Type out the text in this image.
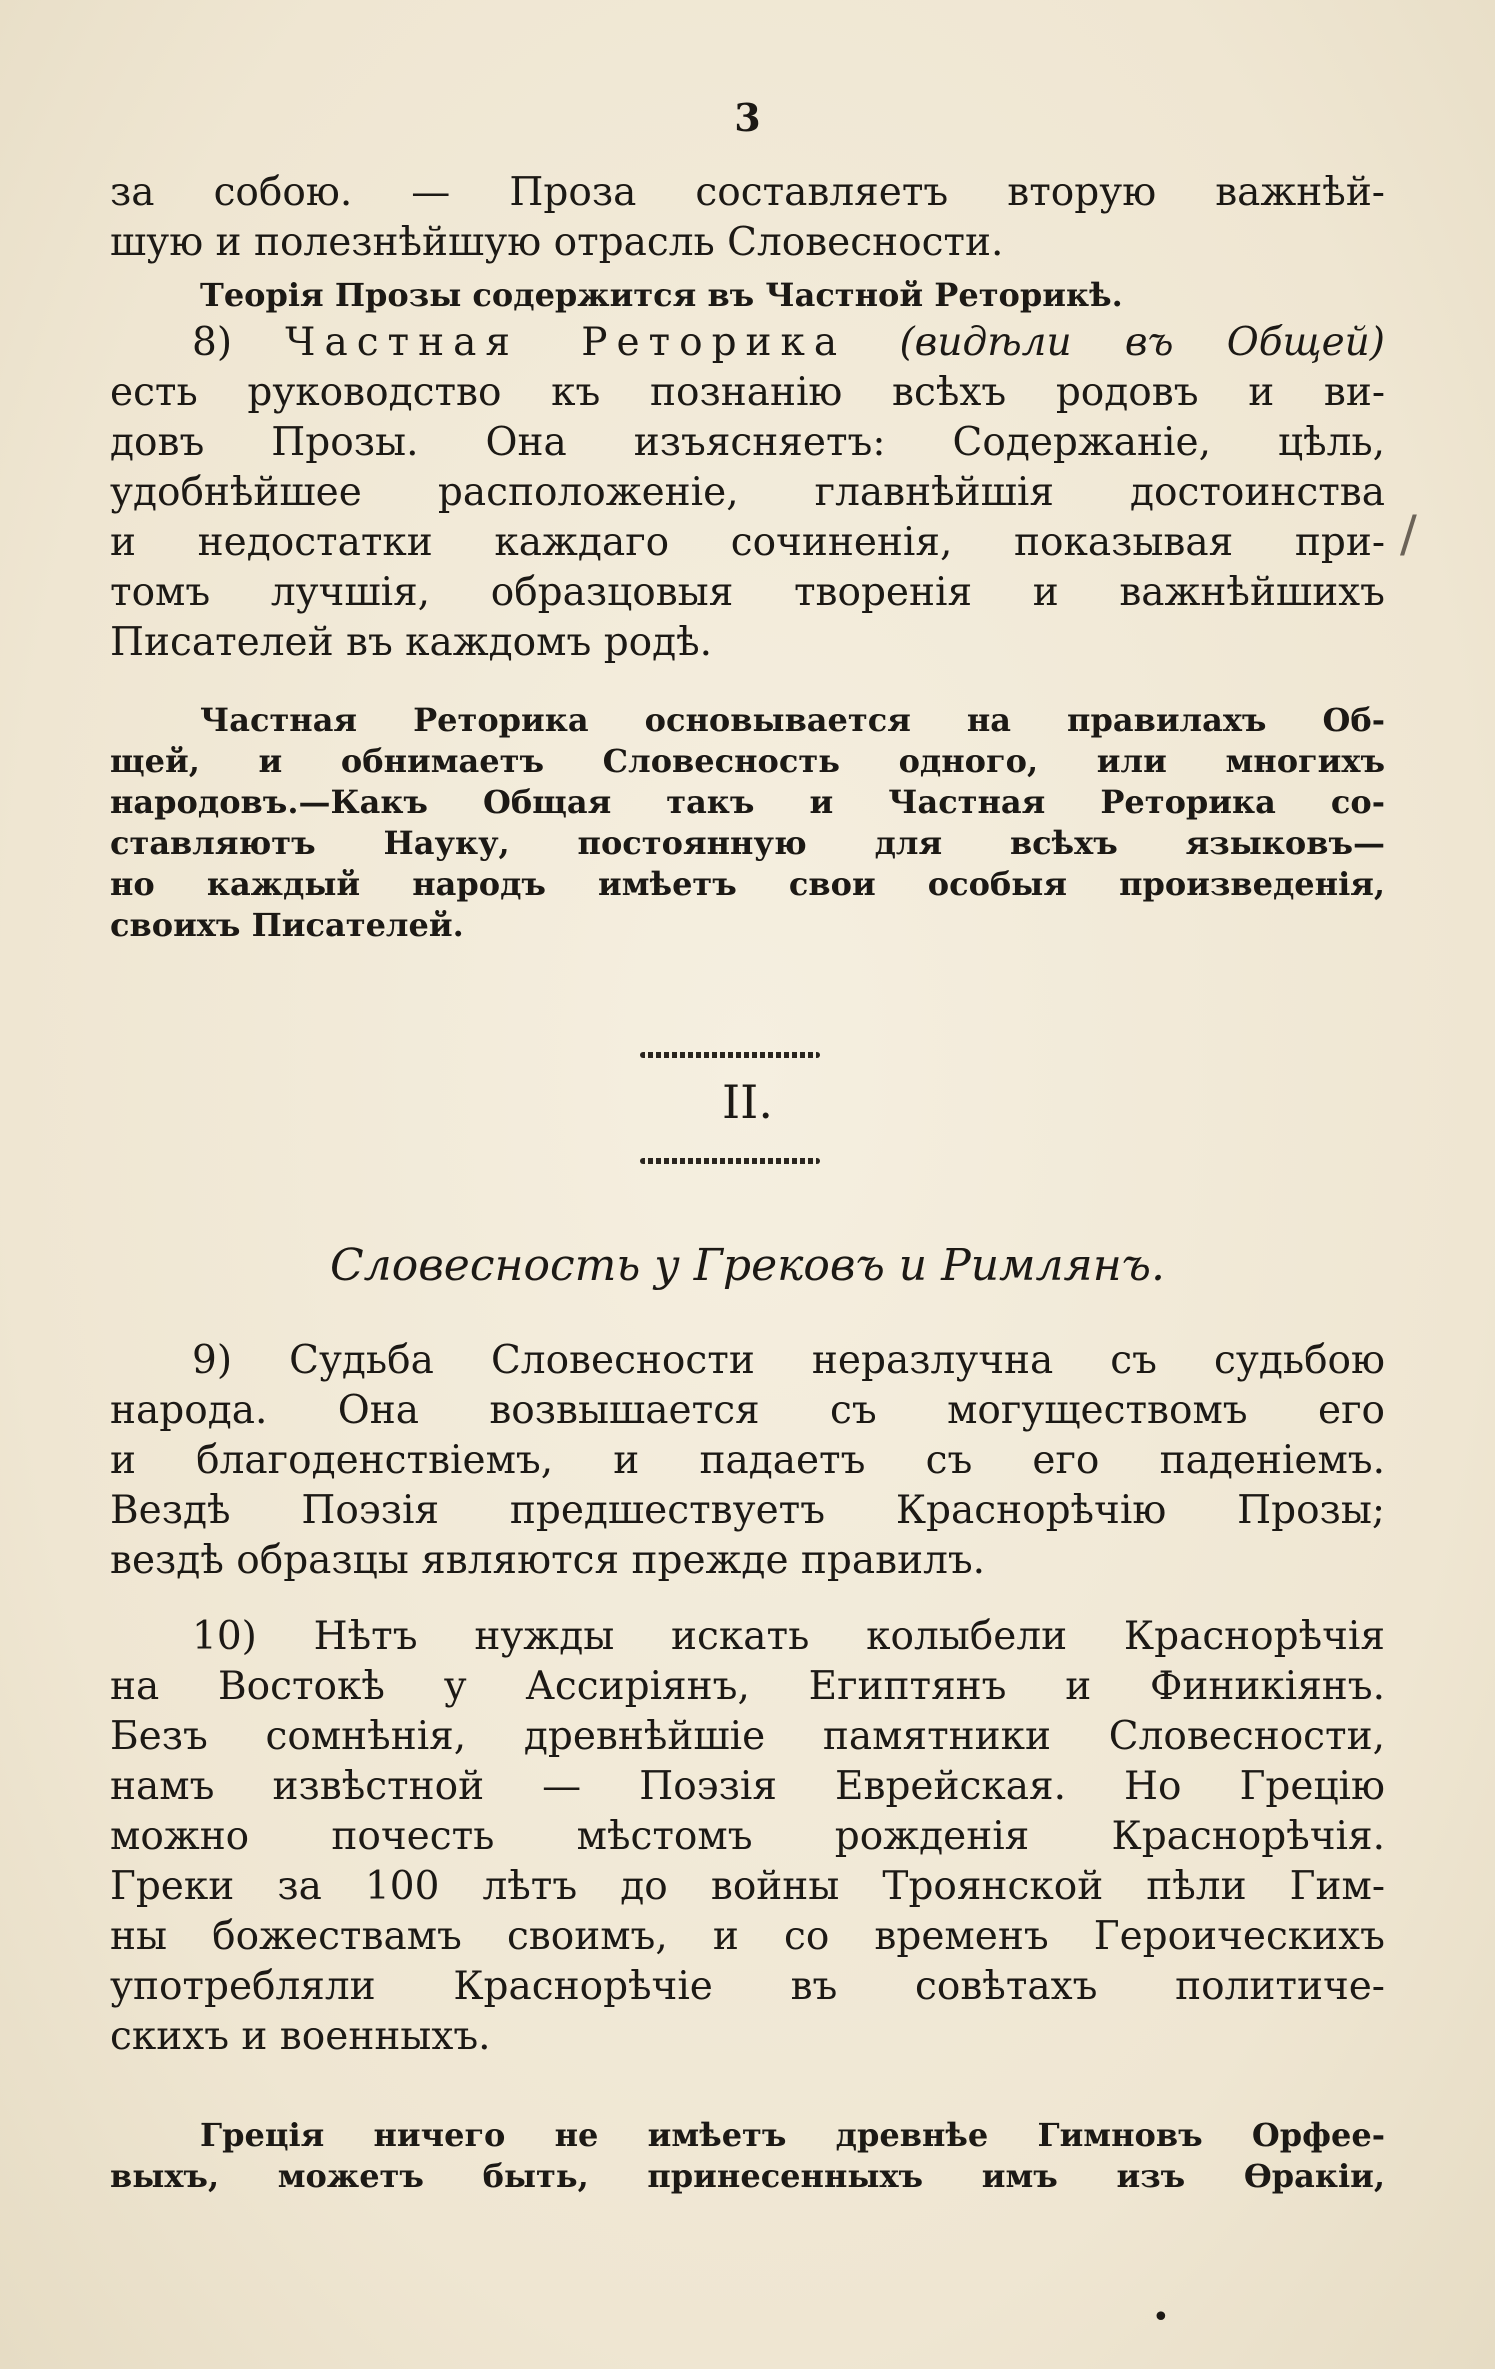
3
за собою. — Проза составляетъ вторую важнѣй-
шую и полезнѣйшую отрасль Словесности.
Теорія Прозы содержится въ Частной Реторикѣ.
8) Частная Реторика (видѣли въ Общей)
есть руководство къ познанію всѣхъ родовъ и ви-
довъ Прозы. Она изъясняетъ: Содержаніе, цѣль,
удобнѣйшее расположеніе, главнѣйшія достоинства
и недостатки каждаго сочиненія, показывая при-
томъ лучшія, образцовыя творенія и важнѣйшихъ
Писателей въ каждомъ родѣ.
Частная Реторика основывается на правилахъ Об-
щей, и обнимаетъ Словесность одного, или многихъ
народовъ.—Какъ Общая такъ и Частная Реторика со-
ставляютъ Науку, постоянную для всѣхъ языковъ—
но каждый народъ имѣетъ свои особыя произведенія,
своихъ Писателей.
II.
Словесность у Грековъ и Римлянъ.
9) Судьба Словесности неразлучна съ судьбою
народа. Она возвышается съ могуществомъ его
и благоденствіемъ, и падаетъ съ его паденіемъ.
Вездѣ Поэзія предшествуетъ Краснорѣчію Прозы;
вездѣ образцы являются прежде правилъ.
10) Нѣтъ нужды искать колыбели Краснорѣчія
на Востокѣ у Ассиріянъ, Египтянъ и Финикіянъ.
Безъ сомнѣнія, древнѣйшіе памятники Словесности,
намъ извѣстной — Поэзія Еврейская. Но Грецію
можно почесть мѣстомъ рожденія Краснорѣчія.
Греки за 100 лѣтъ до войны Троянской пѣли Гим-
ны божествамъ своимъ, и со временъ Героическихъ
употребляли Краснорѣчіе въ совѣтахъ политиче-
скихъ и военныхъ.
Греція ничего не имѣетъ древнѣе Гимновъ Орфее-
выхъ, можетъ быть, принесенныхъ имъ изъ Ѳракіи,
/
•
